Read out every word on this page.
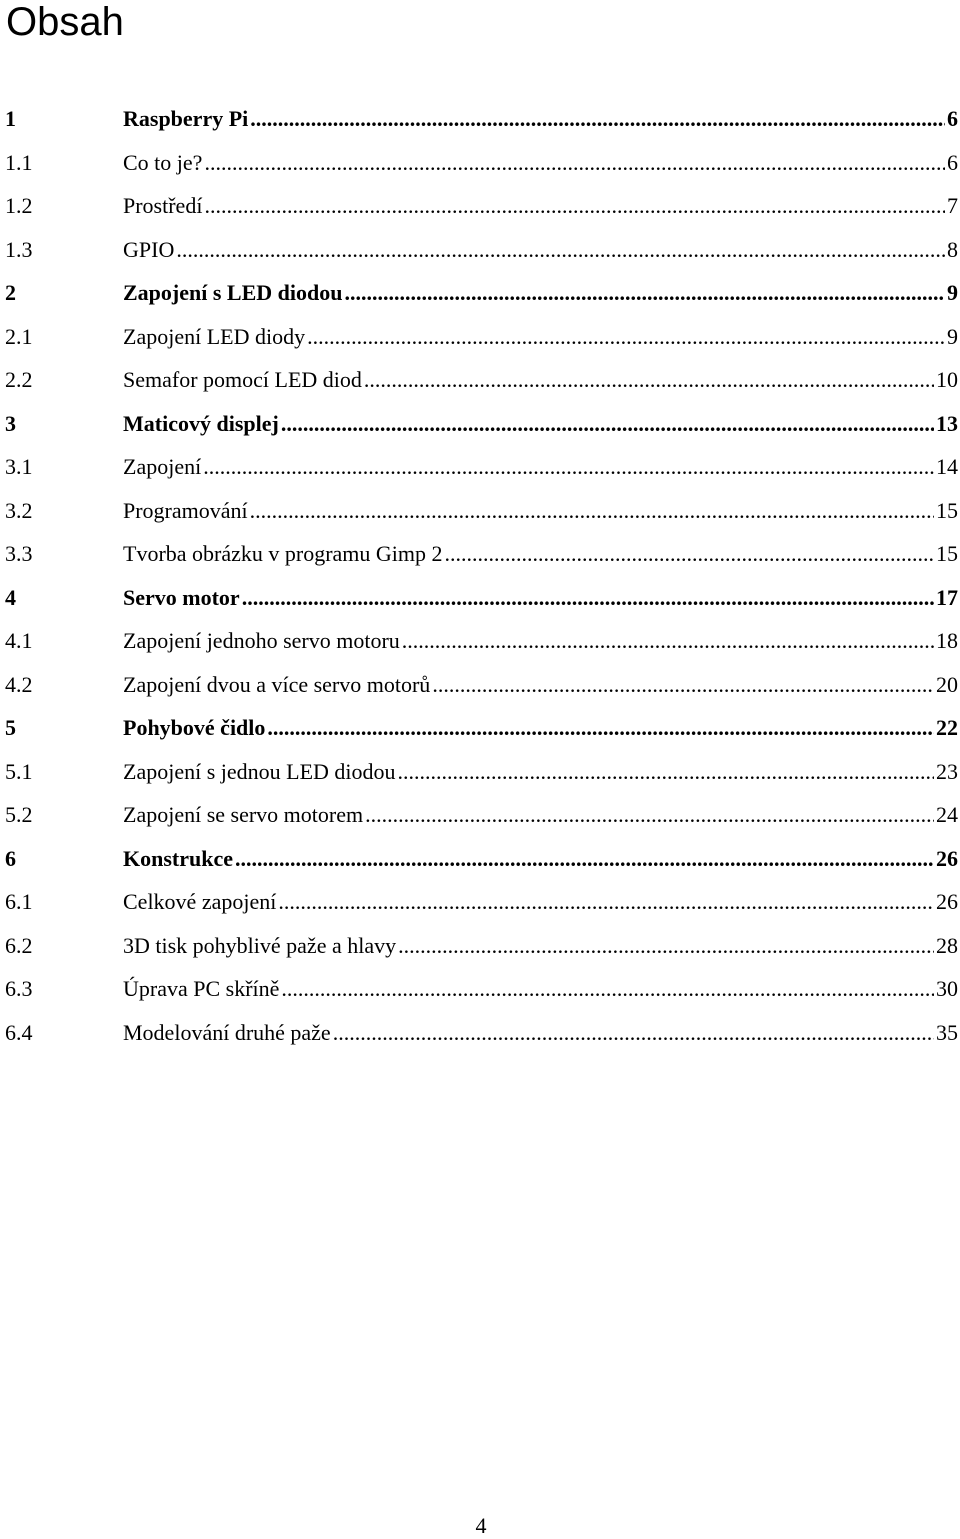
Obsah
1	Raspberry Pi .....	6
1.1	Co to je? .....	6
1.2	Prostředí .....	7
1.3	GPIO .....	8
2	Zapojení s LED diodou .....	9
2.1	Zapojení LED diody .....	9
2.2	Semafor pomocí LED diod .....	10
3	Maticový displej .....	13
3.1	Zapojení .....	14
3.2	Programování .....	15
3.3	Tvorba obrázku v programu Gimp 2 .....	15
4	Servo motor .....	17
4.1	Zapojení jednoho servo motoru .....	18
4.2	Zapojení dvou a více servo motorů .....	20
5	Pohybové čidlo .....	22
5.1	Zapojení s jednou LED diodou .....	23
5.2	Zapojení se servo motorem .....	24
6	Konstrukce .....	26
6.1	Celkové zapojení .....	26
6.2	3D tisk pohyblivé paže a hlavy .....	28
6.3	Úprava PC skříně .....	30
6.4	Modelování druhé paže .....	35
4
